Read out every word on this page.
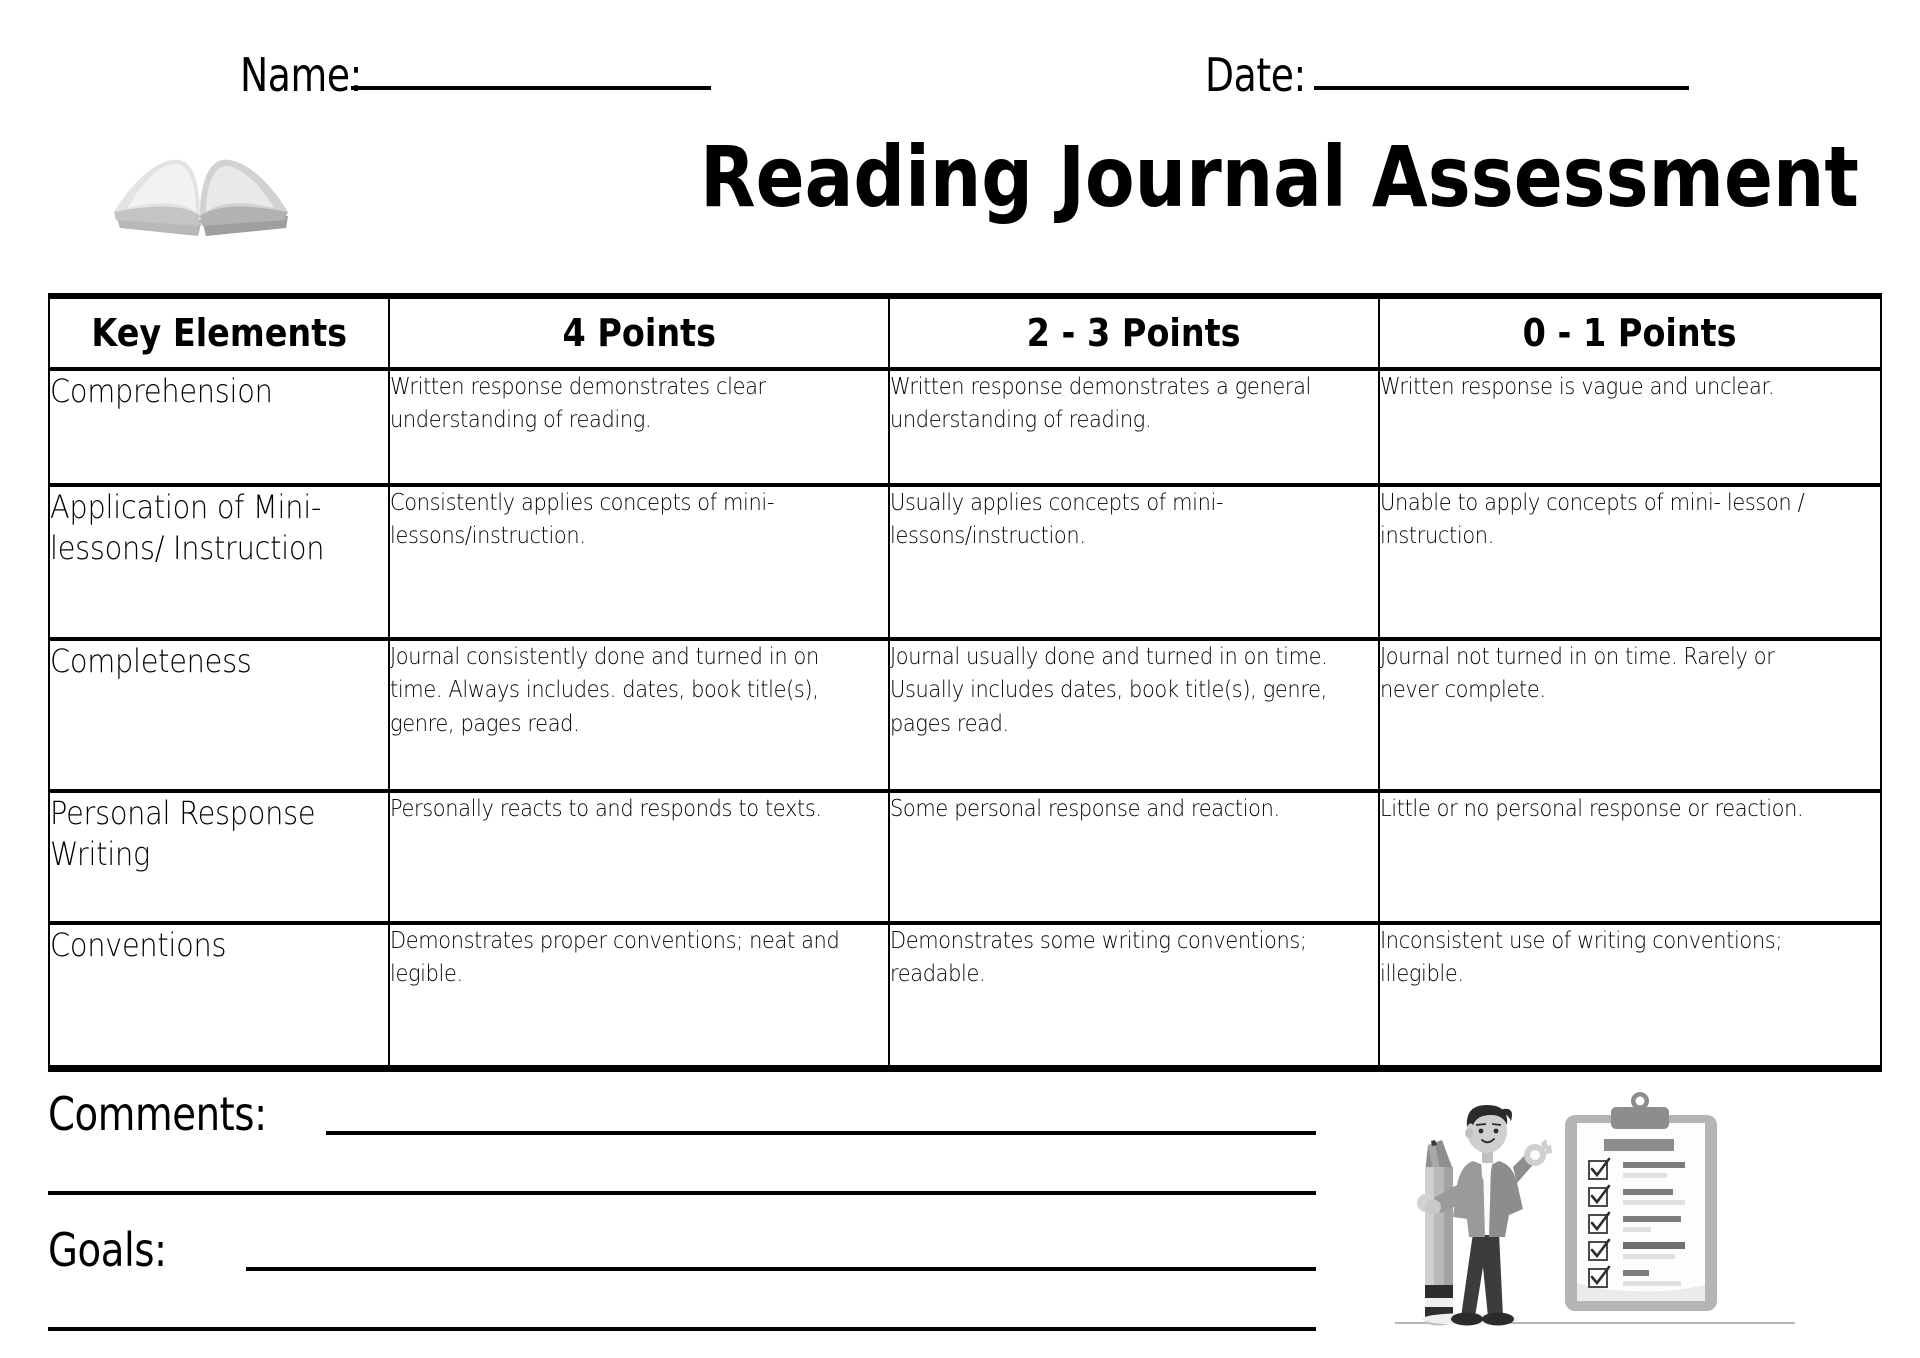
Name:	Date:
Reading Journal Assessment
Key Elements	4 Points	2 - 3 Points	0 - 1 Points

Comprehension	Written response demonstrates clear understanding of reading.	Written response demonstrates a general understanding of reading.	Written response is vague and unclear.

Application of Mini- lessons/ Instruction	Consistently applies concepts of mini-lessons/instruction.	Usually applies concepts of mini-lessons/instruction.	Unable to apply concepts of mini- lesson / instruction.

Completeness	Journal consistently done and turned in on time. Always includes. dates, book title(s), genre, pages read.	Journal usually done and turned in on time. Usually includes dates, book title(s), genre, pages read.	Journal not turned in on time. Rarely or never complete.

Personal Response Writing	Personally reacts to and responds to texts.	Some personal response and reaction.	Little or no personal response or reaction.

Conventions	Demonstrates proper conventions; neat and legible.	Demonstrates some writing conventions; readable.	Inconsistent use of writing conventions; illegible.
Comments:
Goals:
